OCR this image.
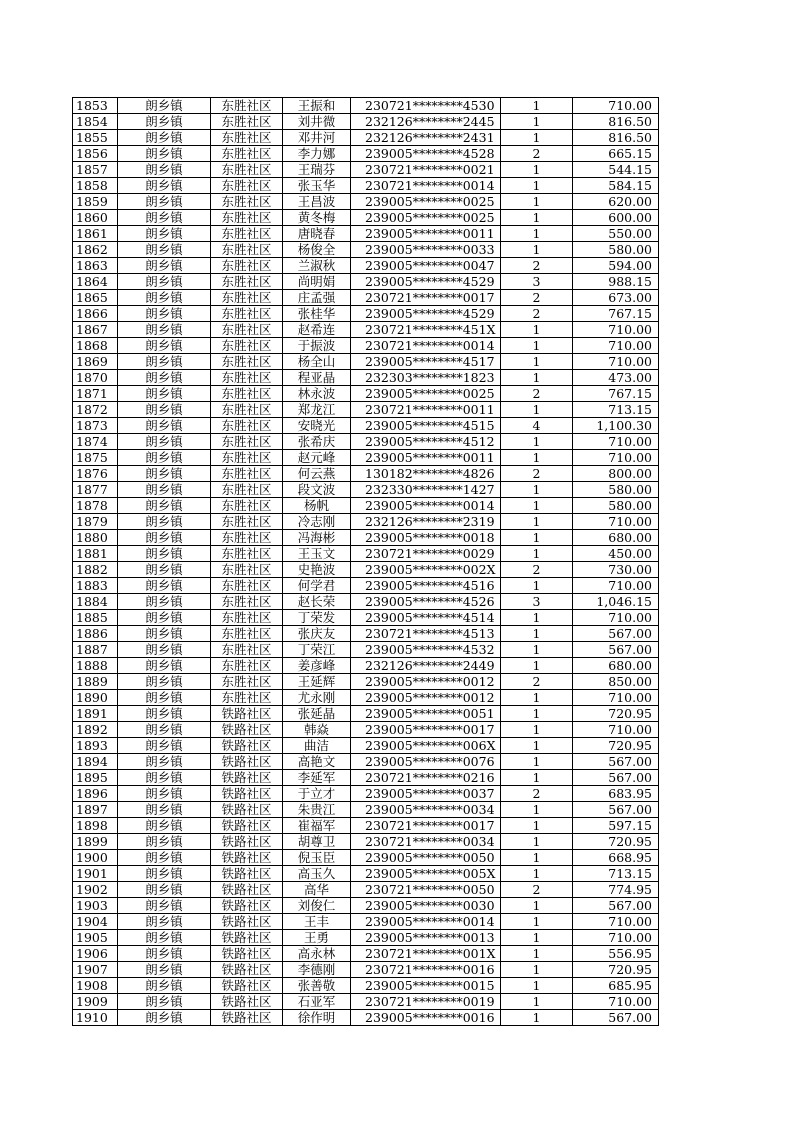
1853	朗乡镇	东胜社区	王振和	230721********4530	1	710.00
1854	朗乡镇	东胜社区	刘井微	232126********2445	1	816.50
1855	朗乡镇	东胜社区	邓井河	232126********2431	1	816.50
1856	朗乡镇	东胜社区	李力娜	239005********4528	2	665.15
1857	朗乡镇	东胜社区	王瑞芬	230721********0021	1	544.15
1858	朗乡镇	东胜社区	张玉华	230721********0014	1	584.15
1859	朗乡镇	东胜社区	王昌波	239005********0025	1	620.00
1860	朗乡镇	东胜社区	黄冬梅	239005********0025	1	600.00
1861	朗乡镇	东胜社区	唐晓春	239005********0011	1	550.00
1862	朗乡镇	东胜社区	杨俊全	239005********0033	1	580.00
1863	朗乡镇	东胜社区	兰淑秋	239005********0047	2	594.00
1864	朗乡镇	东胜社区	尚明娟	239005********4529	3	988.15
1865	朗乡镇	东胜社区	庄孟强	230721********0017	2	673.00
1866	朗乡镇	东胜社区	张桂华	239005********4529	2	767.15
1867	朗乡镇	东胜社区	赵希连	230721********451X	1	710.00
1868	朗乡镇	东胜社区	于振波	230721********0014	1	710.00
1869	朗乡镇	东胜社区	杨全山	239005********4517	1	710.00
1870	朗乡镇	东胜社区	程亚晶	232303********1823	1	473.00
1871	朗乡镇	东胜社区	林永波	239005********0025	2	767.15
1872	朗乡镇	东胜社区	郑龙江	230721********0011	1	713.15
1873	朗乡镇	东胜社区	安晓光	239005********4515	4	1,100.30
1874	朗乡镇	东胜社区	张希庆	239005********4512	1	710.00
1875	朗乡镇	东胜社区	赵元峰	239005********0011	1	710.00
1876	朗乡镇	东胜社区	何云燕	130182********4826	2	800.00
1877	朗乡镇	东胜社区	段文波	232330********1427	1	580.00
1878	朗乡镇	东胜社区	杨帆	239005********0014	1	580.00
1879	朗乡镇	东胜社区	冷志刚	232126********2319	1	710.00
1880	朗乡镇	东胜社区	冯海彬	239005********0018	1	680.00
1881	朗乡镇	东胜社区	王玉文	230721********0029	1	450.00
1882	朗乡镇	东胜社区	史艳波	239005********002X	2	730.00
1883	朗乡镇	东胜社区	何学君	239005********4516	1	710.00
1884	朗乡镇	东胜社区	赵长荣	239005********4526	3	1,046.15
1885	朗乡镇	东胜社区	丁荣发	239005********4514	1	710.00
1886	朗乡镇	东胜社区	张庆友	230721********4513	1	567.00
1887	朗乡镇	东胜社区	丁荣江	239005********4532	1	567.00
1888	朗乡镇	东胜社区	姜彦峰	232126********2449	1	680.00
1889	朗乡镇	东胜社区	王延辉	239005********0012	2	850.00
1890	朗乡镇	东胜社区	尤永刚	239005********0012	1	710.00
1891	朗乡镇	铁路社区	张延晶	239005********0051	1	720.95
1892	朗乡镇	铁路社区	韩焱	239005********0017	1	710.00
1893	朗乡镇	铁路社区	曲洁	239005********006X	1	720.95
1894	朗乡镇	铁路社区	高艳文	239005********0076	1	567.00
1895	朗乡镇	铁路社区	李延军	230721********0216	1	567.00
1896	朗乡镇	铁路社区	于立才	239005********0037	2	683.95
1897	朗乡镇	铁路社区	朱贵江	239005********0034	1	567.00
1898	朗乡镇	铁路社区	崔福军	230721********0017	1	597.15
1899	朗乡镇	铁路社区	胡尊卫	230721********0034	1	720.95
1900	朗乡镇	铁路社区	倪玉臣	239005********0050	1	668.95
1901	朗乡镇	铁路社区	高玉久	239005********005X	1	713.15
1902	朗乡镇	铁路社区	高华	230721********0050	2	774.95
1903	朗乡镇	铁路社区	刘俊仁	239005********0030	1	567.00
1904	朗乡镇	铁路社区	王丰	239005********0014	1	710.00
1905	朗乡镇	铁路社区	王勇	239005********0013	1	710.00
1906	朗乡镇	铁路社区	高永林	230721********001X	1	556.95
1907	朗乡镇	铁路社区	李德刚	230721********0016	1	720.95
1908	朗乡镇	铁路社区	张善敬	239005********0015	1	685.95
1909	朗乡镇	铁路社区	石亚军	230721********0019	1	710.00
1910	朗乡镇	铁路社区	徐作明	239005********0016	1	567.00
